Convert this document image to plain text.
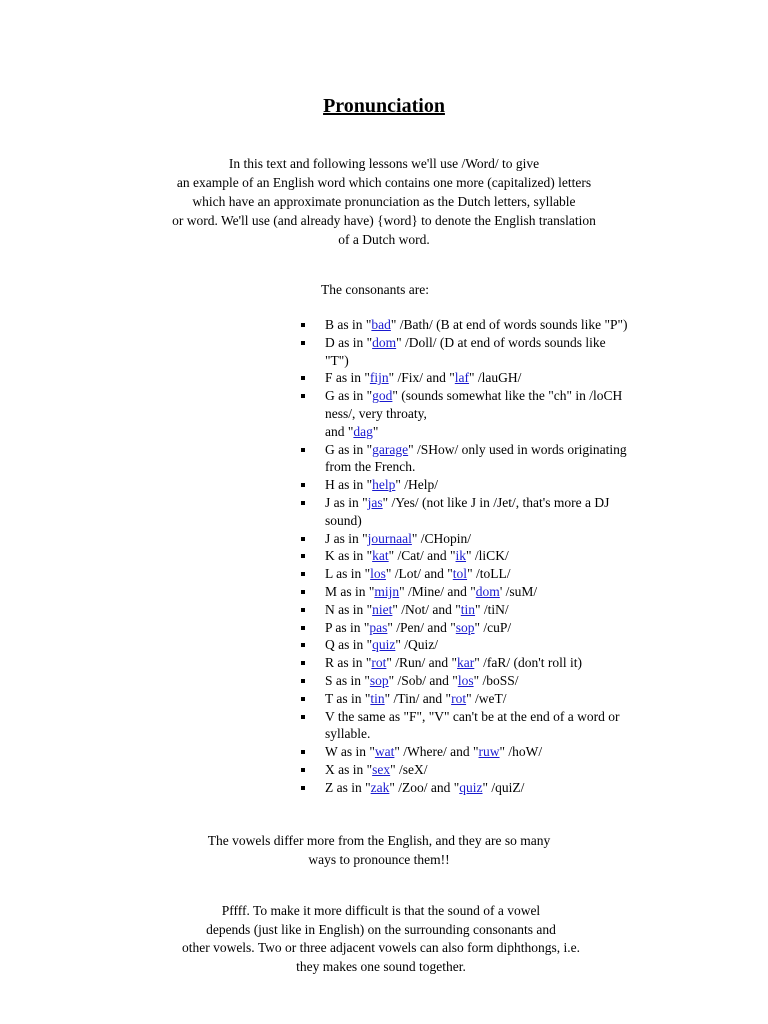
Pronunciation
In this text and following lessons we'll use /Word/ to give
an example of an English word which contains one more (capitalized) letters
which have an approximate pronunciation as the Dutch letters, syllable
or word. We'll use (and already have) {word} to denote the English translation
of a Dutch word.
The consonants are:
B as in "bad" /Bath/ (B at end of words sounds like "P")
D as in "dom" /Doll/ (D at end of words sounds like
"T")
F as in "fijn" /Fix/ and "laf" /lauGH/
G as in "god" (sounds somewhat like the "ch" in /loCH
ness/, very throaty,
and "dag"
G as in "garage" /SHow/ only used in words originating
from the French.
H as in "help" /Help/
J as in "jas" /Yes/ (not like J in /Jet/, that's more a DJ
sound)
J as in "journaal" /CHopin/
K as in "kat" /Cat/ and "ik" /liCK/
L as in "los" /Lot/ and "tol" /toLL/
M as in "mijn" /Mine/ and "dom' /suM/
N as in "niet" /Not/ and "tin" /tiN/
P as in "pas" /Pen/ and "sop" /cuP/
Q as in "quiz" /Quiz/
R as in "rot" /Run/ and "kar" /faR/ (don't roll it)
S as in "sop" /Sob/ and "los" /boSS/
T as in "tin" /Tin/ and "rot" /weT/
V the same as "F", "V" can't be at the end of a word or
syllable.
W as in "wat" /Where/ and "ruw" /hoW/
X as in "sex" /seX/
Z as in "zak" /Zoo/ and "quiz" /quiZ/
The vowels differ more from the English, and they are so many
ways to pronounce them!!
Pffff. To make it more difficult is that the sound of a vowel
depends (just like in English) on the surrounding consonants and
other vowels. Two or three adjacent vowels can also form diphthongs, i.e.
they makes one sound together.
